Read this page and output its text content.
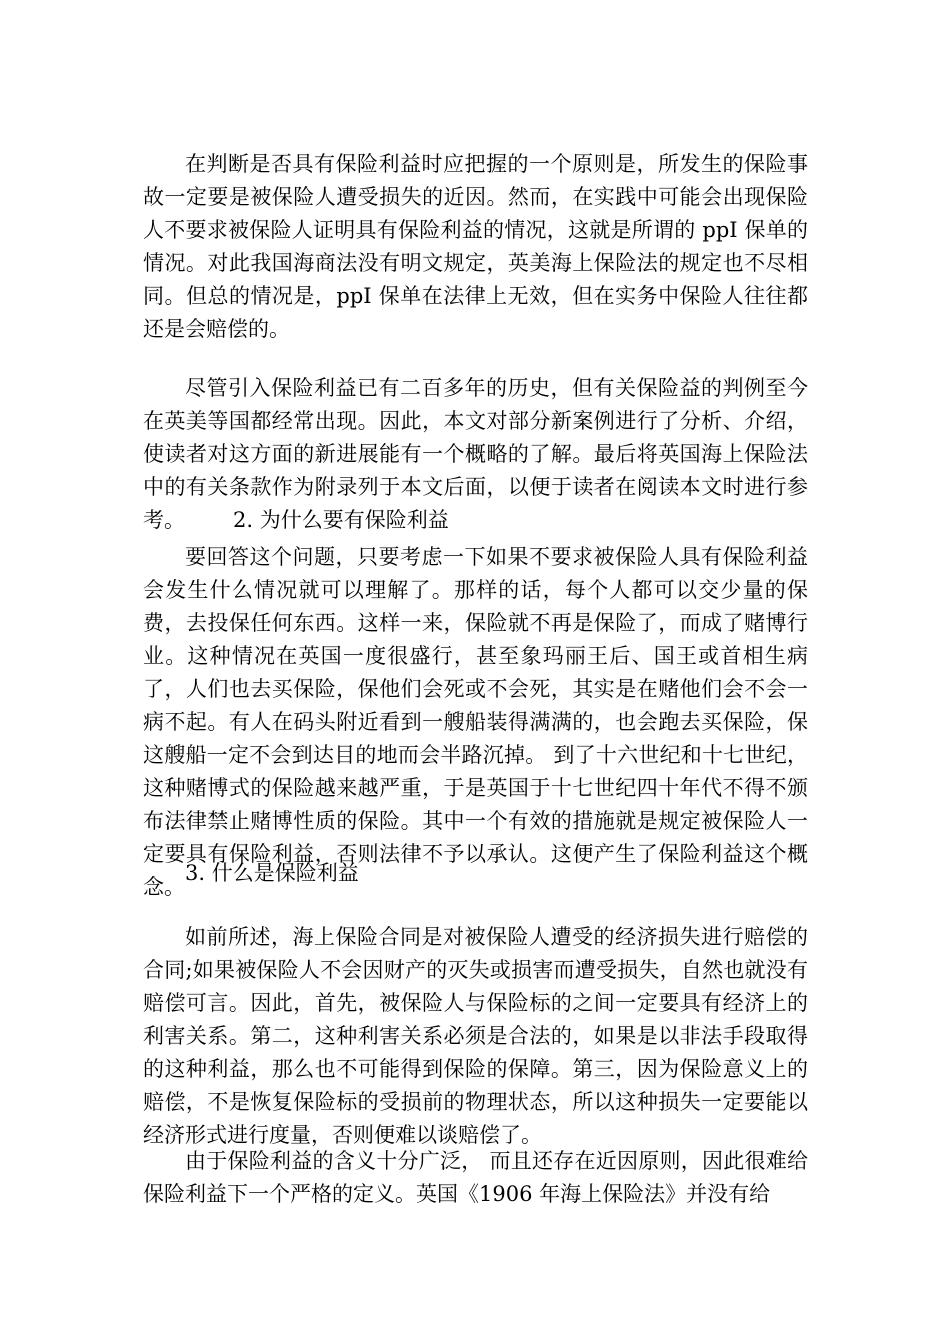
在判断是否具有保险利益时应把握的一个原则是，所发生的保险事故一定要是被保险人遭受损失的近因。然而，在实践中可能会出现保险人不要求被保险人证明具有保险利益的情况，这就是所谓的 ppI 保单的情况。对此我国海商法没有明文规定，英美海上保险法的规定也不尽相同。但总的情况是，ppI 保单在法律上无效，但在实务中保险人往往都还是会赔偿的。

尽管引入保险利益已有二百多年的历史，但有关保险益的判例至今在英美等国都经常出现。因此，本文对部分新案例进行了分析、介绍，使读者对这方面的新进展能有一个概略的了解。最后将英国海上保险法中的有关条款作为附录列于本文后面，以便于读者在阅读本文时进行参考。 2. 为什么要有保险利益

要回答这个问题，只要考虑一下如果不要求被保险人具有保险利益会发生什么情况就可以理解了。那样的话，每个人都可以交少量的保费，去投保任何东西。这样一来，保险就不再是保险了，而成了赌博行业。这种情况在英国一度很盛行，甚至象玛丽王后、国王或首相生病了，人们也去买保险，保他们会死或不会死，其实是在赌他们会不会一病不起。有人在码头附近看到一艘船装得满满的，也会跑去买保险，保这艘船一定不会到达目的地而会半路沉掉。 到了十六世纪和十七世纪，这种赌博式的保险越来越严重，于是英国于十七世纪四十年代不得不颁布法律禁止赌博性质的保险。其中一个有效的措施就是规定被保险人一定要具有保险利益，否则法律不予以承认。这便产生了保险利益这个概念。

3. 什么是保险利益

如前所述，海上保险合同是对被保险人遭受的经济损失进行赔偿的合同;如果被保险人不会因财产的灭失或损害而遭受损失，自然也就没有赔偿可言。因此，首先，被保险人与保险标的之间一定要具有经济上的利害关系。第二，这种利害关系必须是合法的，如果是以非法手段取得的这种利益，那么也不可能得到保险的保障。第三，因为保险意义上的赔偿，不是恢复保险标的受损前的物理状态，所以这种损失一定要能以经济形式进行度量，否则便难以谈赔偿了。

由于保险利益的含义十分广泛， 而且还存在近因原则，因此很难给保险利益下一个严格的定义。英国《1906 年海上保险法》并没有给
